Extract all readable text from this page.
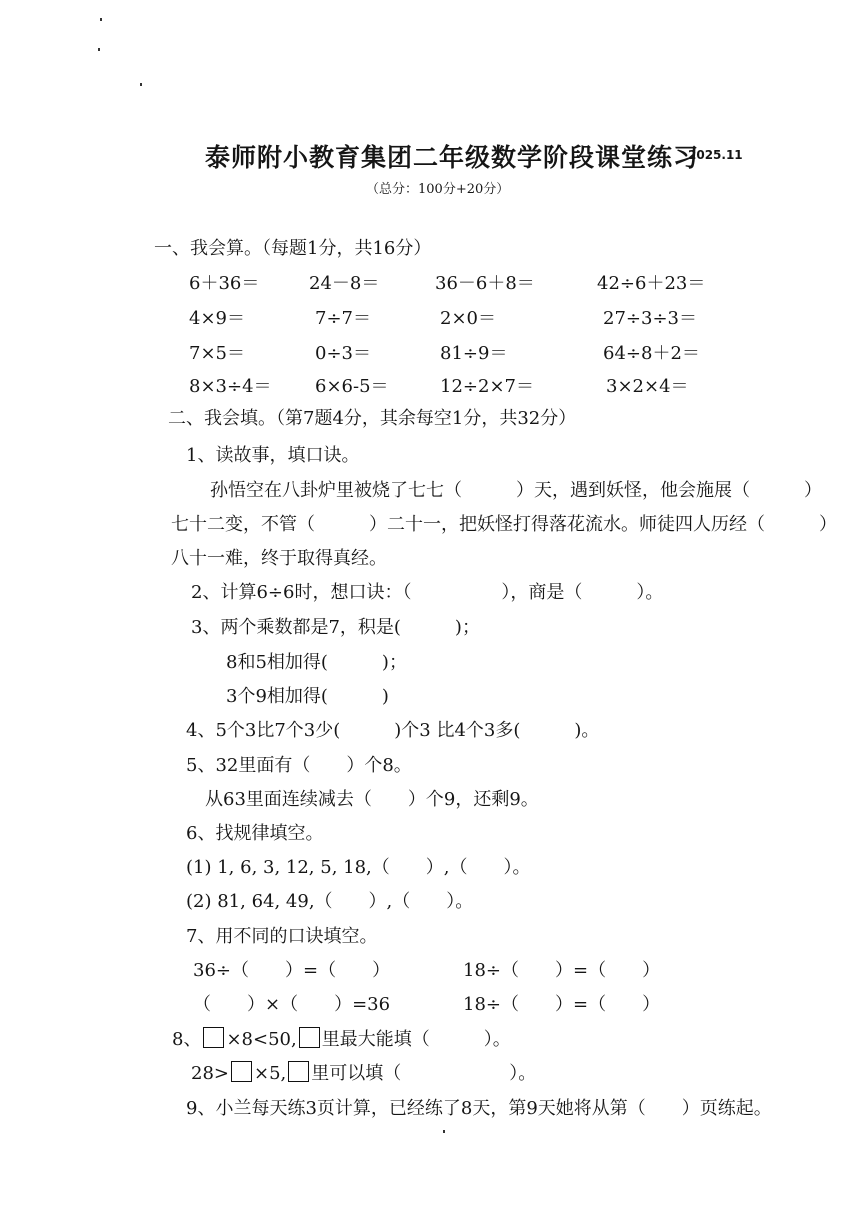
泰师附小教育集团二年级数学阶段课堂练习
2025.11
（总分：100分+20分）
一、我会算。（每题1分，共16分）
6＋36＝	24－8＝	36－6＋8＝	42÷6＋23＝
4×9＝	7÷7＝	2×0＝	27÷3÷3＝
7×5＝	0÷3＝	81÷9＝	64÷8＋2＝
8×3÷4＝ 6×6-5＝	12÷2×7＝	3×2×4＝
二、我会填。（第7题4分，其余每空1分，共32分）
1、读故事，填口诀。
孙悟空在八卦炉里被烧了七七（　　　）天，遇到妖怪，他会施展（　　　）
七十二变，不管（　　　）二十一，把妖怪打得落花流水。师徒四人历经（　　　）
八十一难，终于取得真经。
2、计算6÷6时，想口诀：（　　　　　），商是（　　　）。
3、两个乘数都是7，积是(　　　)；
8和5相加得(　　　)；
3个9相加得(　　　)
4、5个3比7个3少(　　　)个3 比4个3多(　　　)。
5、32里面有（　　）个8。
从63里面连续减去（　　）个9，还剩9。
6、找规律填空。
(1) 1, 6, 3, 12, 5, 18,（　　）,（　　）。
(2) 81, 64, 49,（　　）,（　　）。
7、用不同的口诀填空。
36÷（　　）=（　　）	18÷（　　）=（　　）
（　　）×（　　）=36	18÷（　　）=（　　）
8、 ×8<50, 里最大能填（　　　）。
28> ×5, 里可以填（　　　　　　）。
9、小兰每天练3页计算，已经练了8天，第9天她将从第（　　）页练起。
